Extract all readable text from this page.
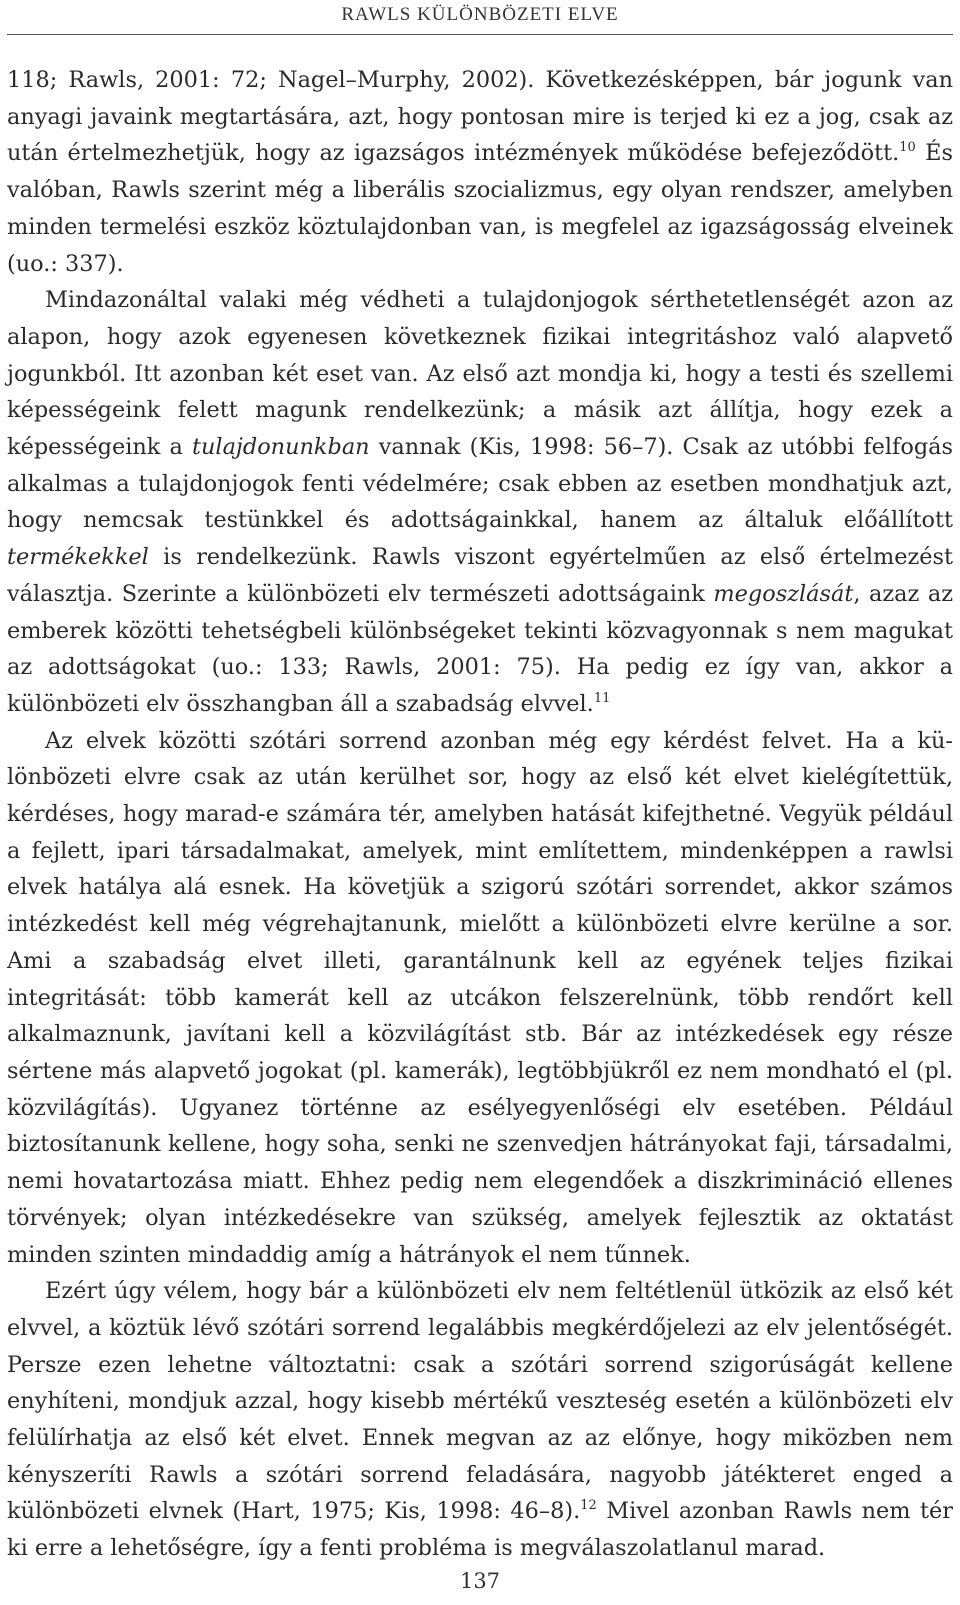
RAWLS KÜLÖNBÖZETI ELVE

118; Rawls, 2001: 72; Nagel–Murphy, 2002). Következésképpen, bár jogunk van anyagi javaink megtartására, azt, hogy pontosan mire is terjed ki ez a jog, csak az után értelmezhetjük, hogy az igazságos intézmények működése befejeződött.$^{10}$ És valóban, Rawls szerint még a liberális szocializmus, egy olyan rendszer, amelyben minden termelési eszköz köztulajdonban van, is megfelel az igazságosság elveinek (uo.: 337).

Mindazonáltal valaki még védheti a tulajdonjogok sérthetetlenségét azon az alapon, hogy azok egyenesen következnek fizikai integritáshoz való alapvető jogunkból. Itt azonban két eset van. Az első azt mondja ki, hogy a testi és szellemi képességeink felett magunk rendelkezünk; a másik azt állítja, hogy ezek a képességeink a tulajdonunkban vannak (Kis, 1998: 56–7). Csak az utóbbi felfogás alkalmas a tulajdonjogok fenti védelmére; csak ebben az esetben mondhatjuk azt, hogy nemcsak testünkkel és adottságainkkal, hanem az általuk előállított termékekkel is rendelkezünk. Rawls viszont egyértelműen az első értelmezést választja. Szerinte a különbözeti elv természeti adottságaink megoszlását, azaz az emberek közötti tehetségbeli különbségeket tekinti közvagyonnak s nem magukat az adottságokat (uo.: 133; Rawls, 2001: 75). Ha pedig ez így van, akkor a különbözeti elv összhangban áll a szabadság elvvel.$^{11}$

Az elvek közötti szótári sorrend azonban még egy kérdést felvet. Ha a különbözeti elvre csak az után kerülhet sor, hogy az első két elvet kielégítettük, kérdéses, hogy marad-e számára tér, amelyben hatását kifejthetné. Vegyük például a fejlett, ipari társadalmakat, amelyek, mint említettem, mindenképpen a rawlsi elvek hatálya alá esnek. Ha követjük a szigorú szótári sorrendet, akkor számos intézkedést kell még végrehajtanunk, mielőtt a különbözeti elvre kerülne a sor. Ami a szabadság elvet illeti, garantálnunk kell az egyének teljes fizikai integritását: több kamerát kell az utcákon felszerelnünk, több rendőrt kell alkalmaznunk, javítani kell a közvilágítást stb. Bár az intézkedések egy része sértene más alapvető jogokat (pl. kamerák), legtöbbjükről ez nem mondható el (pl. közvilágítás). Ugyanez történne az esélyegyenlőségi elv esetében. Például biztosítanunk kellene, hogy soha, senki ne szenvedjen hátrányokat faji, társadalmi, nemi hovatartozása miatt. Ehhez pedig nem elegendőek a diszkrimináció ellenes törvények; olyan intézkedésekre van szükség, amelyek fejlesztik az oktatást minden szinten mindaddig amíg a hátrányok el nem tűnnek.

Ezért úgy vélem, hogy bár a különbözeti elv nem feltétlenül ütközik az első két elvvel, a köztük lévő szótári sorrend legalábbis megkérdőjelezi az elv jelentőségét. Persze ezen lehetne változtatni: csak a szótári sorrend szigorúságát kellene enyhíteni, mondjuk azzal, hogy kisebb mértékű veszteség esetén a különbözeti elv felülírhatja az első két elvet. Ennek megvan az az előnye, hogy miközben nem kényszeríti Rawls a szótári sorrend feladására, nagyobb játékteret enged a különbözeti elvnek (Hart, 1975; Kis, 1998: 46–8).$^{12}$ Mivel azonban Rawls nem tér ki erre a lehetőségre, így a fenti probléma is megválaszolatlanul marad.

137
